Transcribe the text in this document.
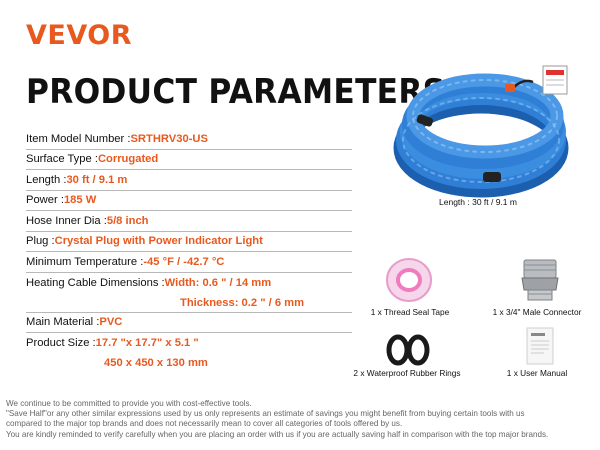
VEVOR
PRODUCT PARAMETERS
Item Model Number : SRTHRV30-US
Surface Type : Corrugated
Length : 30 ft / 9.1 m
Power : 185 W
Hose Inner Dia : 5/8 inch
Plug : Crystal Plug with Power Indicator Light
Minimum Temperature : -45 °F / -42.7 °C
Heating Cable Dimensions : Width: 0.6 " / 14 mm
Thickness: 0.2 " / 6 mm
Main Material : PVC
Product Size : 17.7 "x 17.7" x 5.1 "
450 x 450 x 130 mm
Length : 30 ft / 9.1 m
1 x Thread Seal Tape	1 x 3/4" Male Connector
2 x Waterproof Rubber Rings	1 x User Manual
We continue to be committed to provide you with cost-effective tools.
"Save Half"or any other similar expressions used by us only represents an estimate of savings you might benefit from buying certain tools with us
compared to the major top brands and does not necessarily mean to cover all categories of tools offered by us.
You are kindly reminded to verify carefully when you are placing an order with us if you are actually saving half in comparison with the top major brands.
